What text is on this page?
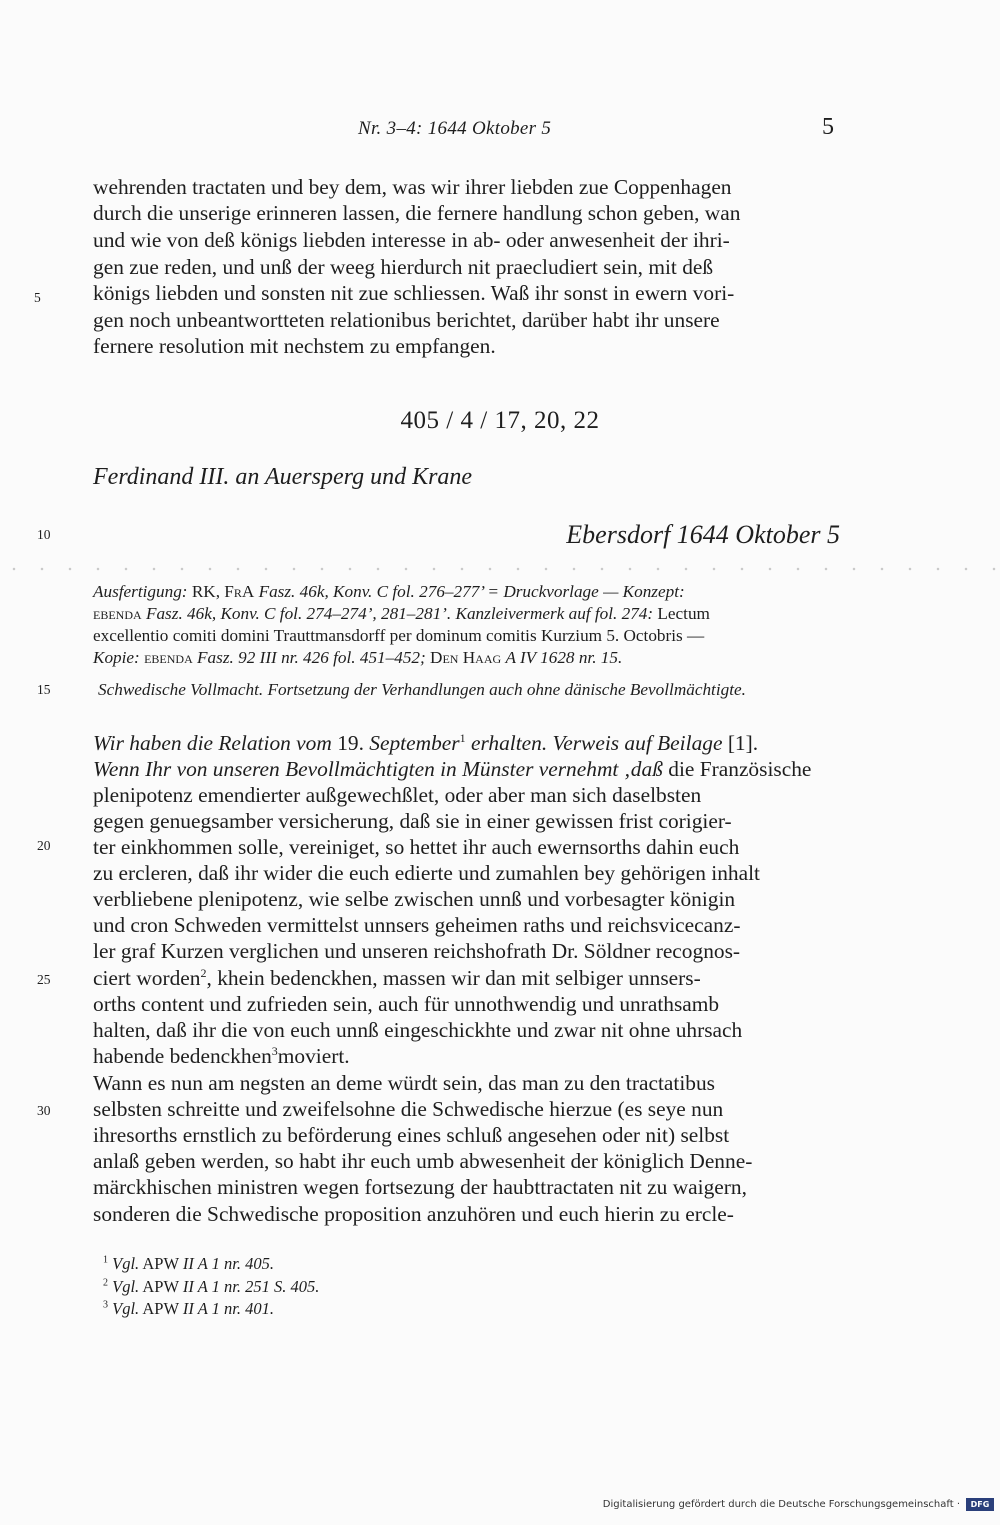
Nr. 3–4: 1644 Oktober 5	5
wehrenden tractaten und bey dem, was wir ihrer liebden zue Coppenhagen
durch die unserige erinneren lassen, die fernere handlung schon geben, wan
und wie von deß königs liebden interesse in ab- oder anwesenheit der ihri-
gen zue reden, und unß der weeg hierdurch nit praecludiert sein, mit deß
königs liebden und sonsten nit zue schliessen. Waß ihr sonst in ewern vori-
gen noch unbeantwortteten relationibus berichtet, darüber habt ihr unsere
fernere resolution mit nechstem zu empfangen.
5
10
15
20
25
30
405 / 4 / 17, 20, 22
Ferdinand III. an Auersperg und Krane
Ebersdorf 1644 Oktober 5
Ausfertigung: RK, FrA Fasz. 46k, Konv. C fol. 276–277’ = Druckvorlage — Konzept:
ebenda Fasz. 46k, Konv. C fol. 274–274’, 281–281’. Kanzleivermerk auf fol. 274: Lectum
excellentio comiti domini Trauttmansdorff per dominum comitis Kurzium 5. Octobris —
Kopie: ebenda Fasz. 92 III nr. 426 fol. 451–452; Den Haag A IV 1628 nr. 15.
Schwedische Vollmacht. Fortsetzung der Verhandlungen auch ohne dänische Bevollmächtigte.
Wir haben die Relation vom 19. September$^1$ erhalten. Verweis auf Beilage [1].
Wenn Ihr von unseren Bevollmächtigten in Münster vernehmt ‚daß
die Französische
plenipotenz emendierter außgewechßlet, oder aber man sich daselbsten
gegen genuegsamber versicherung, daß sie in einer gewissen frist corigier-
ter einkhommen solle, vereiniget, so hettet ihr auch ewernsorths dahin euch
zu ercleren, daß ihr wider die euch edierte und zumahlen bey gehörigen inhalt
verbliebene plenipotenz, wie selbe zwischen unnß und vorbesagter königin
und cron Schweden vermittelst unnsers geheimen raths und reichsvicecanz-
ler graf Kurzen verglichen und unseren reichshofrath Dr. Söldner recognos-
ciert worden 2 , khein bedenckhen, massen wir dan mit selbiger unnsers-
orths content und zufrieden sein, auch für unnothwendig und unrathsamb
halten, daß ihr die von euch unnß eingeschickhte und zwar nit ohne uhrsach
habende bedenckhen 3 moviert.
Wann es nun am negsten an deme würdt sein, das man zu den tractatibus
selbsten schreitte und zweifelsohne die Schwedische hierzue (es seye nun
ihresorths ernstlich zu beförderung eines schluß angesehen oder nit) selbst
anlaß geben werden, so habt ihr euch umb abwesenheit der königlich Denne-
märckhischen ministren wegen fortsezung der haubttractaten nit zu waigern,
sonderen die Schwedische proposition anzuhören und euch hierin zu ercle-
$^1$ Vgl. APW II A 1 nr. 405.
$^2$ Vgl. APW II A 1 nr. 251 S. 405.
$^3$ Vgl. APW II A 1 nr. 401.
Digitalisierung gefördert durch die Deutsche Forschungsgemeinschaft ·	DFG
